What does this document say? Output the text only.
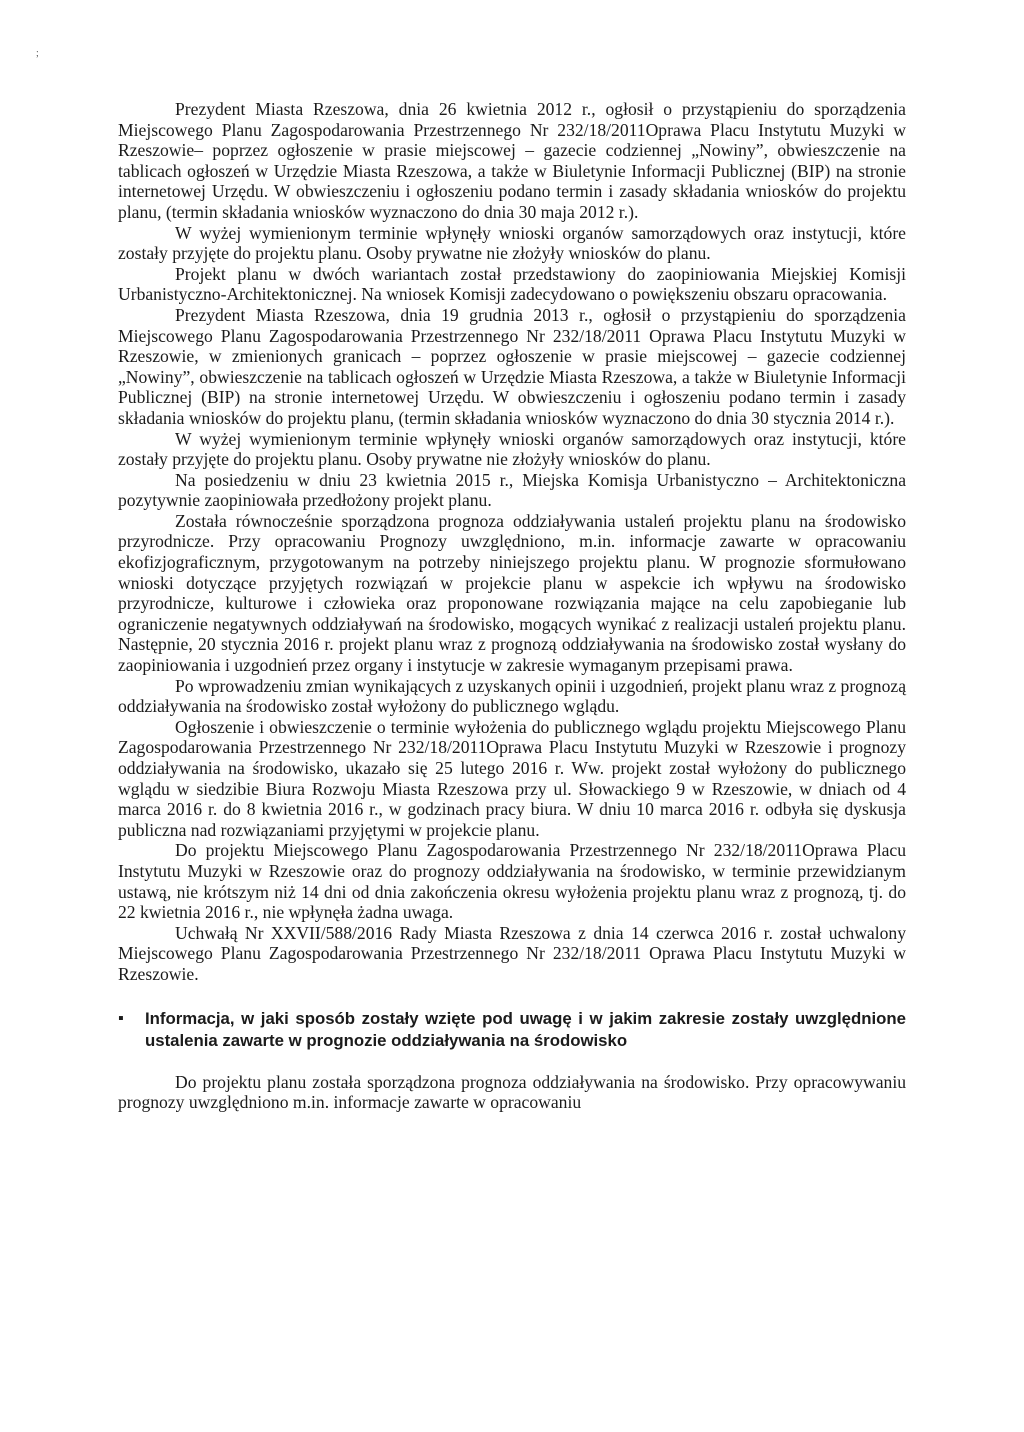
;

Prezydent Miasta Rzeszowa, dnia 26 kwietnia 2012 r., ogłosił o przystąpieniu do sporządzenia Miejscowego Planu Zagospodarowania Przestrzennego Nr 232/18/2011Oprawa Placu Instytutu Muzyki w Rzeszowie– poprzez ogłoszenie w prasie miejscowej – gazecie codziennej „Nowiny”, obwieszczenie na tablicach ogłoszeń w Urzędzie Miasta Rzeszowa, a także w Biuletynie Informacji Publicznej (BIP) na stronie internetowej Urzędu. W obwieszczeniu i ogłoszeniu podano termin i zasady składania wniosków do projektu planu, (termin składania wniosków wyznaczono do dnia 30 maja 2012 r.).

W wyżej wymienionym terminie wpłynęły wnioski organów samorządowych oraz instytucji, które zostały przyjęte do projektu planu. Osoby prywatne nie złożyły wniosków do planu.

Projekt planu w dwóch wariantach został przedstawiony do zaopiniowania Miejskiej Komisji Urbanistyczno-Architektonicznej. Na wniosek Komisji zadecydowano o powiększeniu obszaru opracowania.

Prezydent Miasta Rzeszowa, dnia 19 grudnia 2013 r., ogłosił o przystąpieniu do sporządzenia Miejscowego Planu Zagospodarowania Przestrzennego Nr 232/18/2011 Oprawa Placu Instytutu Muzyki w Rzeszowie, w zmienionych granicach – poprzez ogłoszenie w prasie miejscowej – gazecie codziennej „Nowiny”, obwieszczenie na tablicach ogłoszeń w Urzędzie Miasta Rzeszowa, a także w Biuletynie Informacji Publicznej (BIP) na stronie internetowej Urzędu. W obwieszczeniu i ogłoszeniu podano termin i zasady składania wniosków do projektu planu, (termin składania wniosków wyznaczono do dnia 30 stycznia 2014 r.).

W wyżej wymienionym terminie wpłynęły wnioski organów samorządowych oraz instytucji, które zostały przyjęte do projektu planu. Osoby prywatne nie złożyły wniosków do planu.

Na posiedzeniu w dniu 23 kwietnia 2015 r., Miejska Komisja Urbanistyczno – Architektoniczna pozytywnie zaopiniowała przedłożony projekt planu.

Została równocześnie sporządzona prognoza oddziaływania ustaleń projektu planu na środowisko przyrodnicze. Przy opracowaniu Prognozy uwzględniono, m.in. informacje zawarte w opracowaniu ekofizjograficznym, przygotowanym na potrzeby niniejszego projektu planu. W prognozie sformułowano wnioski dotyczące przyjętych rozwiązań w projekcie planu w aspekcie ich wpływu na środowisko przyrodnicze, kulturowe i człowieka oraz proponowane rozwiązania mające na celu zapobieganie lub ograniczenie negatywnych oddziaływań na środowisko, mogących wynikać z realizacji ustaleń projektu planu. Następnie, 20 stycznia 2016 r. projekt planu wraz z prognozą oddziaływania na środowisko został wysłany do zaopiniowania i uzgodnień przez organy i instytucje w zakresie wymaganym przepisami prawa.

Po wprowadzeniu zmian wynikających z uzyskanych opinii i uzgodnień, projekt planu wraz z prognozą oddziaływania na środowisko został wyłożony do publicznego wglądu.

Ogłoszenie i obwieszczenie o terminie wyłożenia do publicznego wglądu projektu Miejscowego Planu Zagospodarowania Przestrzennego Nr 232/18/2011Oprawa Placu Instytutu Muzyki w Rzeszowie i prognozy oddziaływania na środowisko, ukazało się 25 lutego 2016 r. Ww. projekt został wyłożony do publicznego wglądu w siedzibie Biura Rozwoju Miasta Rzeszowa przy ul. Słowackiego 9 w Rzeszowie, w dniach od 4 marca 2016 r. do 8 kwietnia 2016 r., w godzinach pracy biura. W dniu 10 marca 2016 r. odbyła się dyskusja publiczna nad rozwiązaniami przyjętymi w projekcie planu.

Do projektu Miejscowego Planu Zagospodarowania Przestrzennego Nr 232/18/2011Oprawa Placu Instytutu Muzyki w Rzeszowie oraz do prognozy oddziaływania na środowisko, w terminie przewidzianym ustawą, nie krótszym niż 14 dni od dnia zakończenia okresu wyłożenia projektu planu wraz z prognozą, tj. do 22 kwietnia 2016 r., nie wpłynęła żadna uwaga.

Uchwałą Nr XXVII/588/2016 Rady Miasta Rzeszowa z dnia 14 czerwca 2016 r. został uchwalony Miejscowego Planu Zagospodarowania Przestrzennego Nr 232/18/2011 Oprawa Placu Instytutu Muzyki w Rzeszowie.

▪ Informacja, w jaki sposób zostały wzięte pod uwagę i w jakim zakresie zostały uwzględnione ustalenia zawarte w prognozie oddziaływania na środowisko

Do projektu planu została sporządzona prognoza oddziaływania na środowisko. Przy opracowywaniu prognozy uwzględniono m.in. informacje zawarte w opracowaniu
